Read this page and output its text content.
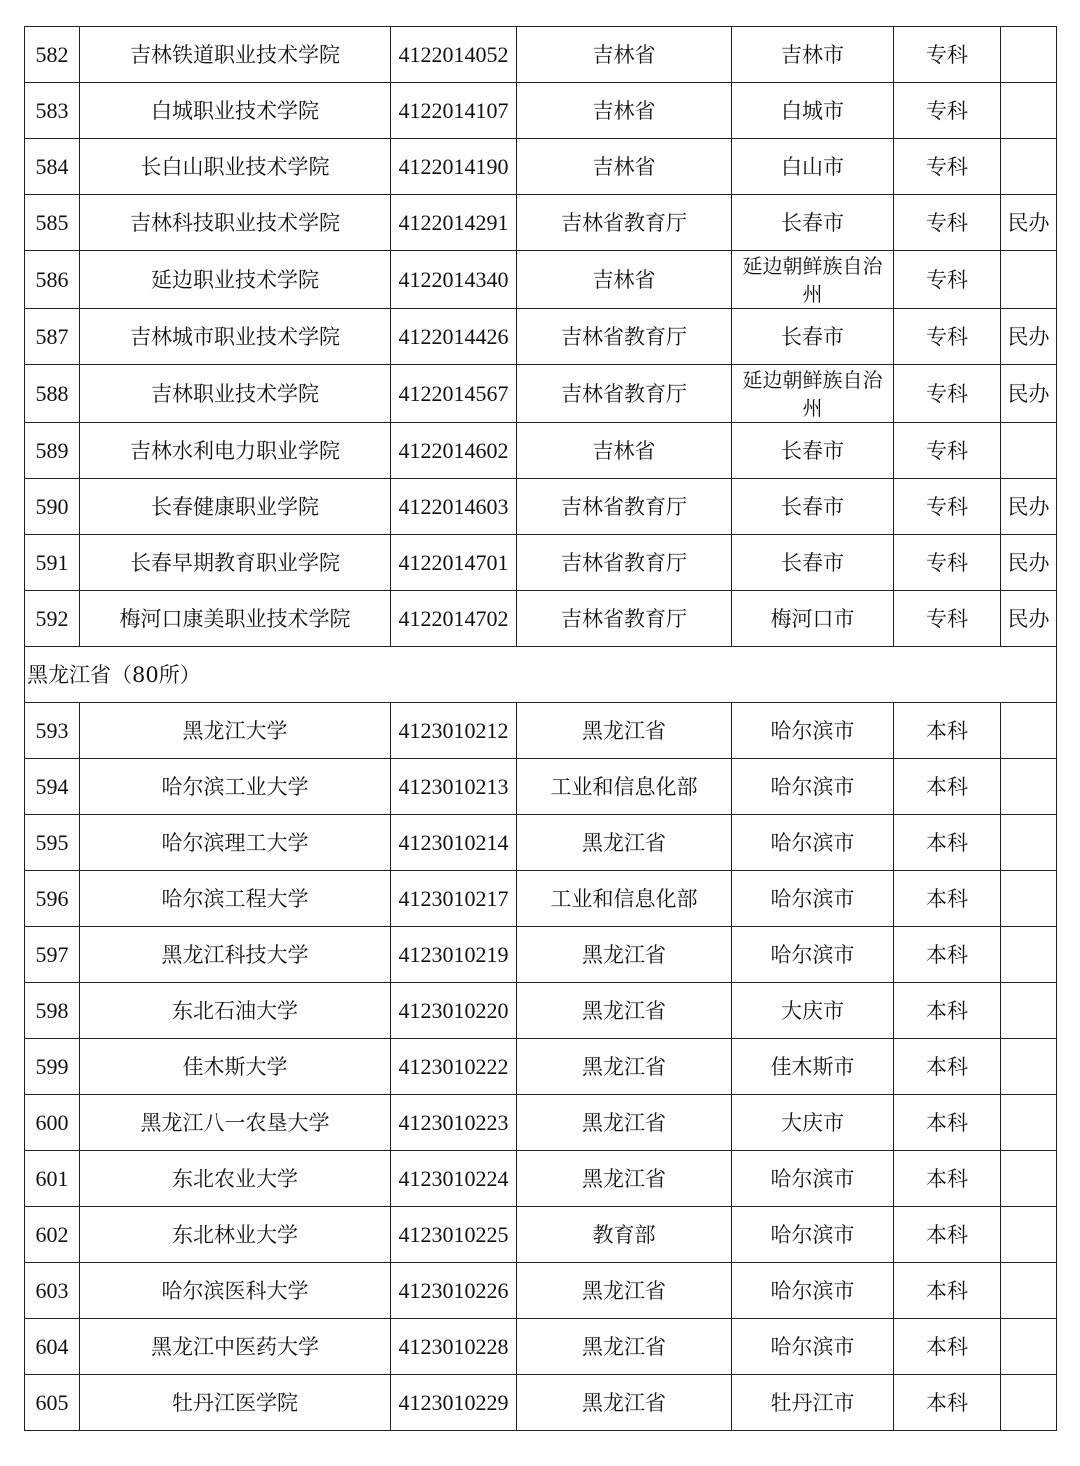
582	吉林铁道职业技术学院	4122014052	吉林省	吉林市	专科	
583	白城职业技术学院	4122014107	吉林省	白城市	专科	
584	长白山职业技术学院	4122014190	吉林省	白山市	专科	
585	吉林科技职业技术学院	4122014291	吉林省教育厅	长春市	专科	民办
586	延边职业技术学院	4122014340	吉林省	延边朝鲜族自治州	专科	
587	吉林城市职业技术学院	4122014426	吉林省教育厅	长春市	专科	民办
588	吉林职业技术学院	4122014567	吉林省教育厅	延边朝鲜族自治州	专科	民办
589	吉林水利电力职业学院	4122014602	吉林省	长春市	专科	
590	长春健康职业学院	4122014603	吉林省教育厅	长春市	专科	民办
591	长春早期教育职业学院	4122014701	吉林省教育厅	长春市	专科	民办
592	梅河口康美职业技术学院	4122014702	吉林省教育厅	梅河口市	专科	民办
黑龙江省（80所）						
593	黑龙江大学	4123010212	黑龙江省	哈尔滨市	本科	
594	哈尔滨工业大学	4123010213	工业和信息化部	哈尔滨市	本科	
595	哈尔滨理工大学	4123010214	黑龙江省	哈尔滨市	本科	
596	哈尔滨工程大学	4123010217	工业和信息化部	哈尔滨市	本科	
597	黑龙江科技大学	4123010219	黑龙江省	哈尔滨市	本科	
598	东北石油大学	4123010220	黑龙江省	大庆市	本科	
599	佳木斯大学	4123010222	黑龙江省	佳木斯市	本科	
600	黑龙江八一农垦大学	4123010223	黑龙江省	大庆市	本科	
601	东北农业大学	4123010224	黑龙江省	哈尔滨市	本科	
602	东北林业大学	4123010225	教育部	哈尔滨市	本科	
603	哈尔滨医科大学	4123010226	黑龙江省	哈尔滨市	本科	
604	黑龙江中医药大学	4123010228	黑龙江省	哈尔滨市	本科	
605	牡丹江医学院	4123010229	黑龙江省	牡丹江市	本科	
